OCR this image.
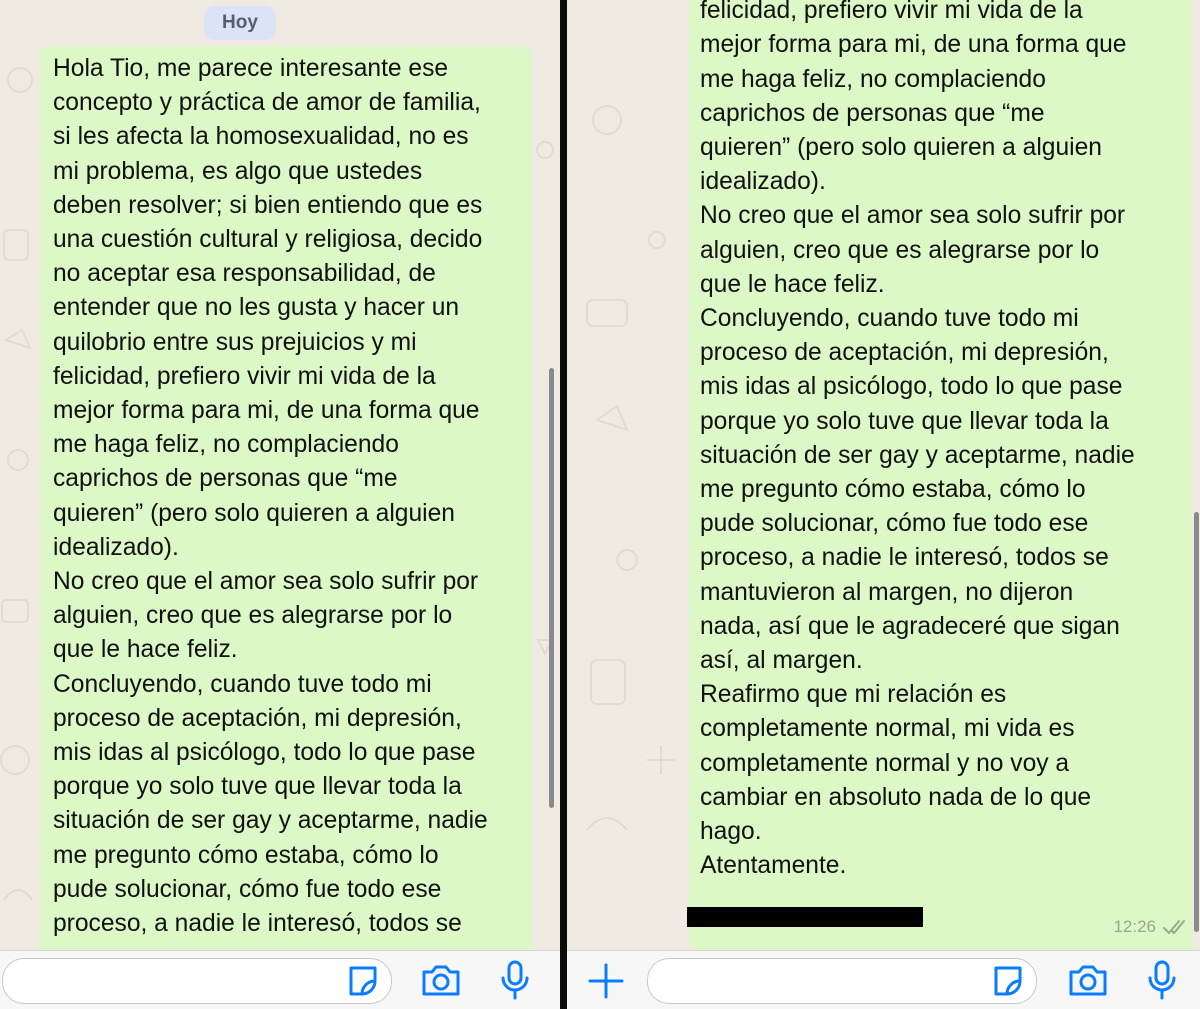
Hoy
Hola Tio, me parece interesante ese
concepto y práctica de amor de familia,
si les afecta la homosexualidad, no es
mi problema, es algo que ustedes
deben resolver; si bien entiendo que es
una cuestión cultural y religiosa, decido
no aceptar esa responsabilidad, de
entender que no les gusta y hacer un
quilobrio entre sus prejuicios y mi
felicidad, prefiero vivir mi vida de la
mejor forma para mi, de una forma que
me haga feliz, no complaciendo
caprichos de personas que “me
quieren” (pero solo quieren a alguien
idealizado).
No creo que el amor sea solo sufrir por
alguien, creo que es alegrarse por lo
que le hace feliz.
Concluyendo, cuando tuve todo mi
proceso de aceptación, mi depresión,
mis idas al psicólogo, todo lo que pase
porque yo solo tuve que llevar toda la
situación de ser gay y aceptarme, nadie
me pregunto cómo estaba, cómo lo
pude solucionar, cómo fue todo ese
proceso, a nadie le interesó, todos se
felicidad, prefiero vivir mi vida de la
mejor forma para mi, de una forma que
me haga feliz, no complaciendo
caprichos de personas que “me
quieren” (pero solo quieren a alguien
idealizado).
No creo que el amor sea solo sufrir por
alguien, creo que es alegrarse por lo
que le hace feliz.
Concluyendo, cuando tuve todo mi
proceso de aceptación, mi depresión,
mis idas al psicólogo, todo lo que pase
porque yo solo tuve que llevar toda la
situación de ser gay y aceptarme, nadie
me pregunto cómo estaba, cómo lo
pude solucionar, cómo fue todo ese
proceso, a nadie le interesó, todos se
mantuvieron al margen, no dijeron
nada, así que le agradeceré que sigan
así, al margen.
Reafirmo que mi relación es
completamente normal, mi vida es
completamente normal y no voy a
cambiar en absoluto nada de lo que
hago.
Atentamente.
12:26
